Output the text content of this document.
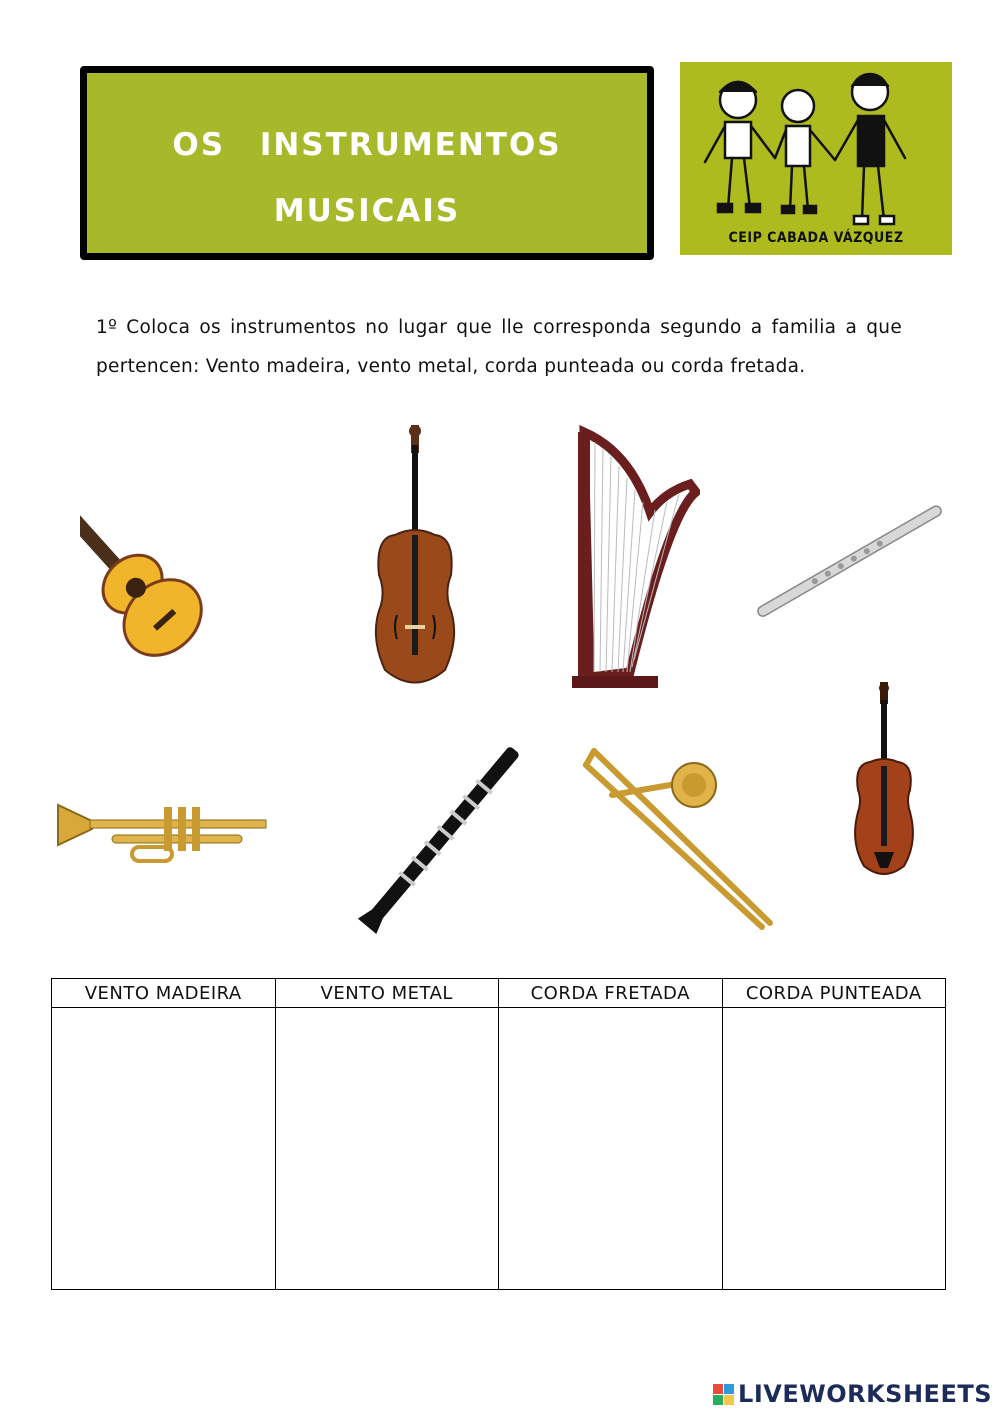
OS INSTRUMENTOS
MUSICAIS
CEIP CABADA VÁZQUEZ
1º Coloca os instrumentos no lugar que lle corresponda segundo a familia a que pertencen: Vento madeira, vento metal, corda punteada ou corda fretada.
VENTO MADEIRA	VENTO METAL	CORDA FRETADA	CORDA PUNTEADA

LIVEWORKSHEETS
